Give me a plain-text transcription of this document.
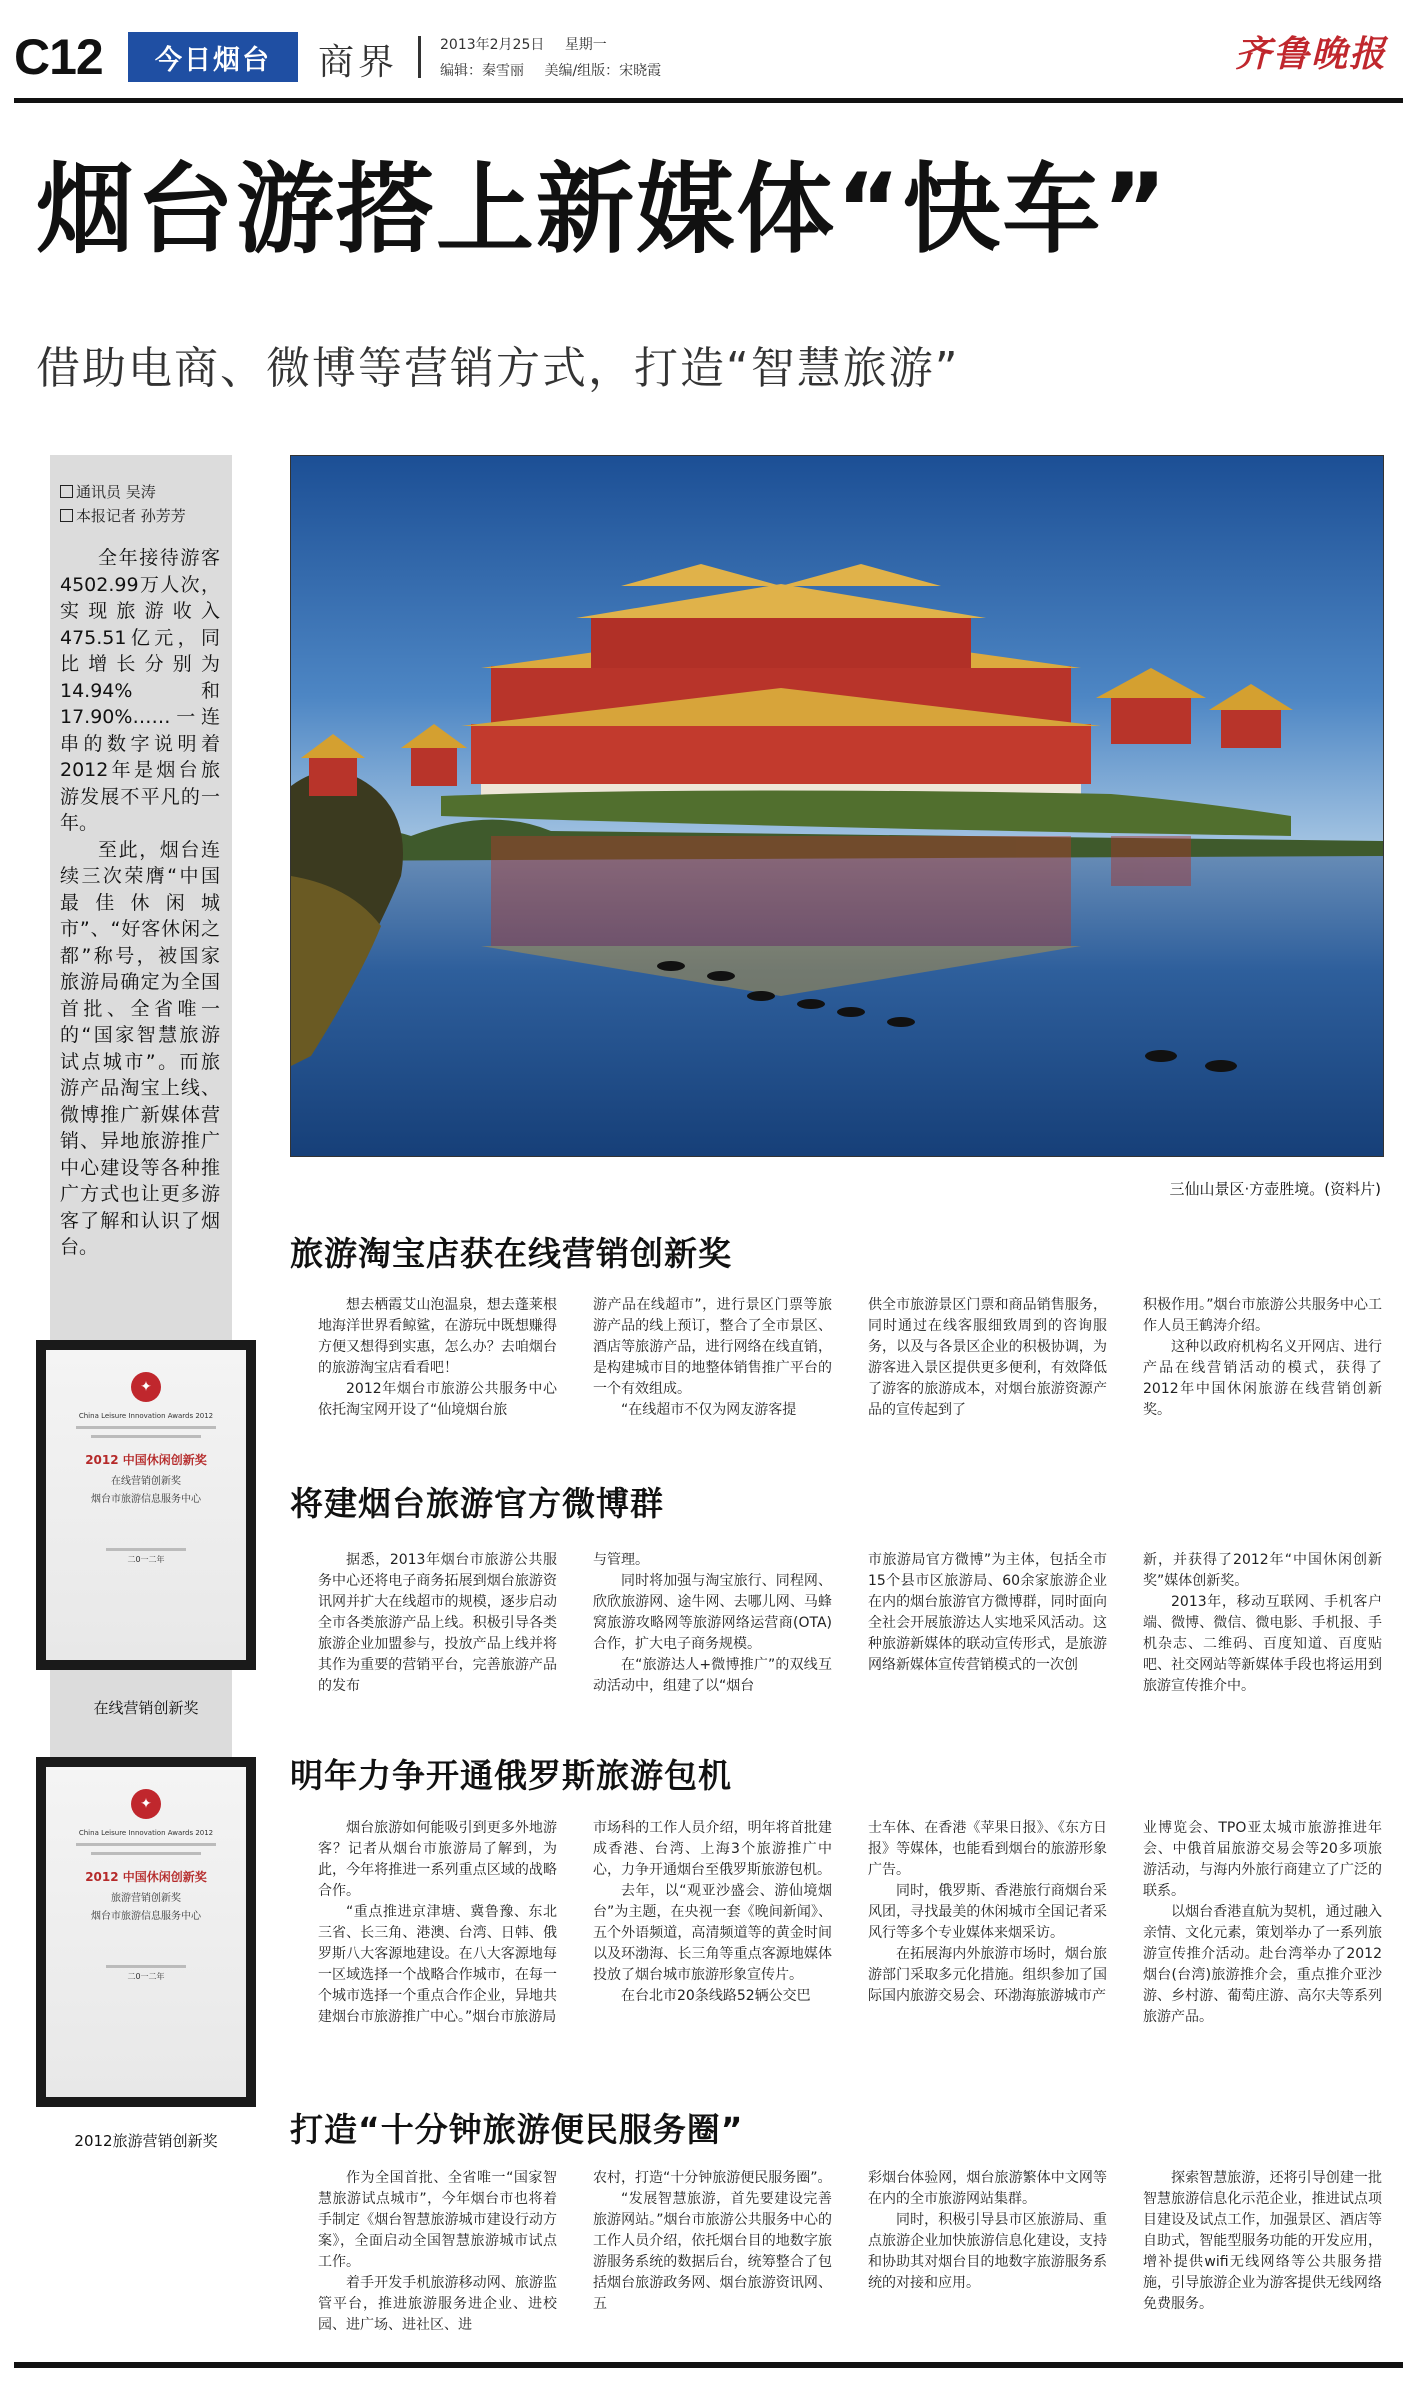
C12	今日烟台	商界	2013年2月25日 星期一
编辑：秦雪丽 美编/组版：宋晓霞	齐鲁晚报
烟台游搭上新媒体“快车”
借助电商、微博等营销方式，打造“智慧旅游”
通讯员 吴涛
本报记者 孙芳芳

全年接待游客4502.99万人次，实现旅游收入475.51亿元，同比增长分别为14.94%和17.90%……一连串的数字说明着2012年是烟台旅游发展不平凡的一年。

至此，烟台连续三次荣膺“中国最佳休闲城市”、“好客休闲之都”称号，被国家旅游局确定为全国首批、全省唯一的“国家智慧旅游试点城市”。而旅游产品淘宝上线、微博推广新媒体营销、异地旅游推广中心建设等各种推广方式也让更多游客了解和认识了烟台。

✦
China Leisure Innovation Awards 2012
2012 中国休闲创新奖
在线营销创新奖
烟台市旅游信息服务中心
二0一二年
在线营销创新奖
✦
China Leisure Innovation Awards 2012
2012 中国休闲创新奖
旅游营销创新奖
烟台市旅游信息服务中心
二0一二年
2012旅游营销创新奖
三仙山景区·方壶胜境。(资料片)
旅游淘宝店获在线营销创新奖

想去栖霞艾山泡温泉，想去蓬莱根地海洋世界看鲸鲨，在游玩中既想赚得方便又想得到实惠，怎么办？去咱烟台的旅游淘宝店看看吧！

2012年烟台市旅游公共服务中心依托淘宝网开设了“仙境烟台旅

游产品在线超市”，进行景区门票等旅游产品的线上预订，整合了全市景区、酒店等旅游产品，进行网络在线直销，是构建城市目的地整体销售推广平台的一个有效组成。

“在线超市不仅为网友游客提

供全市旅游景区门票和商品销售服务，同时通过在线客服细致周到的咨询服务，以及与各景区企业的积极协调，为游客进入景区提供更多便利，有效降低了游客的旅游成本，对烟台旅游资源产品的宣传起到了

积极作用。”烟台市旅游公共服务中心工作人员王鹤涛介绍。

这种以政府机构名义开网店、进行产品在线营销活动的模式，获得了2012年中国休闲旅游在线营销创新奖。

将建烟台旅游官方微博群

据悉，2013年烟台市旅游公共服务中心还将电子商务拓展到烟台旅游资讯网并扩大在线超市的规模，逐步启动全市各类旅游产品上线。积极引导各类旅游企业加盟参与，投放产品上线并将其作为重要的营销平台，完善旅游产品的发布

与管理。

同时将加强与淘宝旅行、同程网、欣欣旅游网、途牛网、去哪儿网、马蜂窝旅游攻略网等旅游网络运营商(OTA)合作，扩大电子商务规模。

在“旅游达人+微博推广”的双线互动活动中，组建了以“烟台

市旅游局官方微博”为主体，包括全市15个县市区旅游局、60余家旅游企业在内的烟台旅游官方微博群，同时面向全社会开展旅游达人实地采风活动。这种旅游新媒体的联动宣传形式，是旅游网络新媒体宣传营销模式的一次创

新，并获得了2012年“中国休闲创新奖”媒体创新奖。

2013年，移动互联网、手机客户端、微博、微信、微电影、手机报、手机杂志、二维码、百度知道、百度贴吧、社交网站等新媒体手段也将运用到旅游宣传推介中。

明年力争开通俄罗斯旅游包机

烟台旅游如何能吸引到更多外地游客？记者从烟台市旅游局了解到，为此，今年将推进一系列重点区域的战略合作。

“重点推进京津塘、冀鲁豫、东北三省、长三角、港澳、台湾、日韩、俄罗斯八大客源地建设。在八大客源地每一区域选择一个战略合作城市，在每一个城市选择一个重点合作企业，异地共建烟台市旅游推广中心。”烟台市旅游局

市场科的工作人员介绍，明年将首批建成香港、台湾、上海3个旅游推广中心，力争开通烟台至俄罗斯旅游包机。

去年，以“观亚沙盛会、游仙境烟台”为主题，在央视一套《晚间新闻》、五个外语频道，高清频道等的黄金时间以及环渤海、长三角等重点客源地媒体投放了烟台城市旅游形象宣传片。

在台北市20条线路52辆公交巴

士车体、在香港《苹果日报》、《东方日报》等媒体，也能看到烟台的旅游形象广告。

同时，俄罗斯、香港旅行商烟台采风团，寻找最美的休闲城市全国记者采风行等多个专业媒体来烟采访。

在拓展海内外旅游市场时，烟台旅游部门采取多元化措施。组织参加了国际国内旅游交易会、环渤海旅游城市产

业博览会、TPO亚太城市旅游推进年会、中俄首届旅游交易会等20多项旅游活动，与海内外旅行商建立了广泛的联系。

以烟台香港直航为契机，通过融入亲情、文化元素，策划举办了一系列旅游宣传推介活动。赴台湾举办了2012烟台(台湾)旅游推介会，重点推介亚沙游、乡村游、葡萄庄游、高尔夫等系列旅游产品。

打造“十分钟旅游便民服务圈”

作为全国首批、全省唯一“国家智慧旅游试点城市”，今年烟台市也将着手制定《烟台智慧旅游城市建设行动方案》，全面启动全国智慧旅游城市试点工作。

着手开发手机旅游移动网、旅游监管平台，推进旅游服务进企业、进校园、进广场、进社区、进

农村，打造“十分钟旅游便民服务圈”。

“发展智慧旅游，首先要建设完善旅游网站。”烟台市旅游公共服务中心的工作人员介绍，依托烟台目的地数字旅游服务系统的数据后台，统筹整合了包括烟台旅游政务网、烟台旅游资讯网、五

彩烟台体验网，烟台旅游繁体中文网等在内的全市旅游网站集群。

同时，积极引导县市区旅游局、重点旅游企业加快旅游信息化建设，支持和协助其对烟台目的地数字旅游服务系统的对接和应用。

探索智慧旅游，还将引导创建一批智慧旅游信息化示范企业，推进试点项目建设及试点工作，加强景区、酒店等自助式，智能型服务功能的开发应用，增补提供wifi无线网络等公共服务措施，引导旅游企业为游客提供无线网络免费服务。
